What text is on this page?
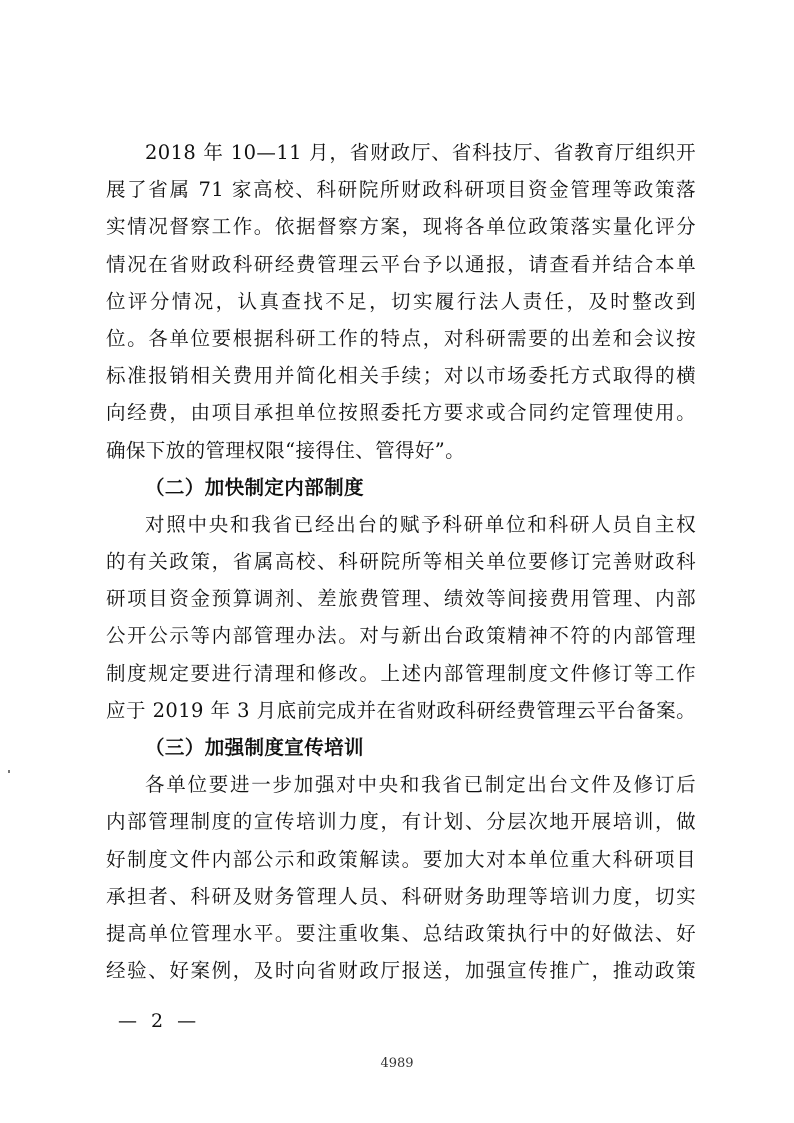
2018 年 10—11 月，省财政厅、省科技厅、省教育厅组织开
展了省属 71 家高校、科研院所财政科研项目资金管理等政策落
实情况督察工作。依据督察方案，现将各单位政策落实量化评分
情况在省财政科研经费管理云平台予以通报，请查看并结合本单
位评分情况，认真查找不足，切实履行法人责任，及时整改到
位。各单位要根据科研工作的特点，对科研需要的出差和会议按
标准报销相关费用并简化相关手续；对以市场委托方式取得的横
向经费，由项目承担单位按照委托方要求或合同约定管理使用。
确保下放的管理权限“接得住、管得好”。
（二）加快制定内部制度
对照中央和我省已经出台的赋予科研单位和科研人员自主权
的有关政策，省属高校、科研院所等相关单位要修订完善财政科
研项目资金预算调剂、差旅费管理、绩效等间接费用管理、内部
公开公示等内部管理办法。对与新出台政策精神不符的内部管理
制度规定要进行清理和修改。上述内部管理制度文件修订等工作
应于 2019 年 3 月底前完成并在省财政科研经费管理云平台备案。
（三）加强制度宣传培训
各单位要进一步加强对中央和我省已制定出台文件及修订后
内部管理制度的宣传培训力度，有计划、分层次地开展培训，做
好制度文件内部公示和政策解读。要加大对本单位重大科研项目
承担者、科研及财务管理人员、科研财务助理等培训力度，切实
提高单位管理水平。要注重收集、总结政策执行中的好做法、好
经验、好案例，及时向省财政厅报送，加强宣传推广，推动政策
— 2 —
4989
